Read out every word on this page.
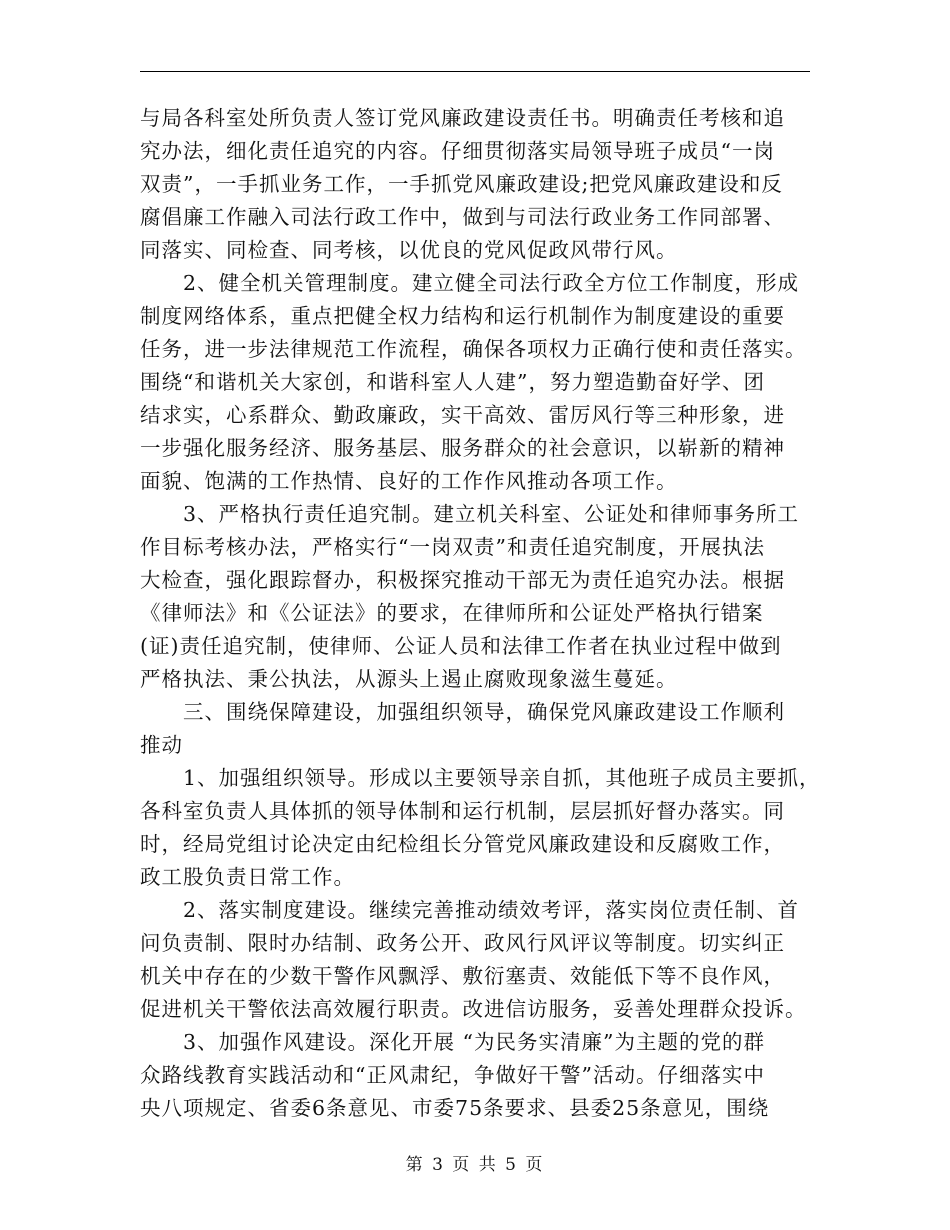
与局各科室处所负责人签订党风廉政建设责任书。明确责任考核和追
究办法，细化责任追究的内容。仔细贯彻落实局领导班子成员“一岗
双责”，一手抓业务工作，一手抓党风廉政建设;把党风廉政建设和反
腐倡廉工作融入司法行政工作中，做到与司法行政业务工作同部署、
同落实、同检查、同考核，以优良的党风促政风带行风。
　　2、健全机关管理制度。建立健全司法行政全方位工作制度，形成
制度网络体系，重点把健全权力结构和运行机制作为制度建设的重要
任务，进一步法律规范工作流程，确保各项权力正确行使和责任落实。
围绕“和谐机关大家创，和谐科室人人建”，努力塑造勤奋好学、团
结求实，心系群众、勤政廉政，实干高效、雷厉风行等三种形象，进
一步强化服务经济、服务基层、服务群众的社会意识，以崭新的精神
面貌、饱满的工作热情、良好的工作作风推动各项工作。
　　3、严格执行责任追究制。建立机关科室、公证处和律师事务所工
作目标考核办法，严格实行“一岗双责”和责任追究制度，开展执法
大检查，强化跟踪督办，积极探究推动干部无为责任追究办法。根据
《律师法》和《公证法》的要求，在律师所和公证处严格执行错案
(证)责任追究制，使律师、公证人员和法律工作者在执业过程中做到
严格执法、秉公执法，从源头上遏止腐败现象滋生蔓延。
　　三、围绕保障建设，加强组织领导，确保党风廉政建设工作顺利
推动
　　1、加强组织领导。形成以主要领导亲自抓，其他班子成员主要抓，
各科室负责人具体抓的领导体制和运行机制，层层抓好督办落实。同
时，经局党组讨论决定由纪检组长分管党风廉政建设和反腐败工作，
政工股负责日常工作。
　　2、落实制度建设。继续完善推动绩效考评，落实岗位责任制、首
问负责制、限时办结制、政务公开、政风行风评议等制度。切实纠正
机关中存在的少数干警作风飘浮、敷衍塞责、效能低下等不良作风，
促进机关干警依法高效履行职责。改进信访服务，妥善处理群众投诉。
　　3、加强作风建设。深化开展 “为民务实清廉”为主题的党的群
众路线教育实践活动和“正风肃纪，争做好干警”活动。仔细落实中
央八项规定、省委6条意见、市委75条要求、县委25条意见，围绕
第 3 页 共 5 页
